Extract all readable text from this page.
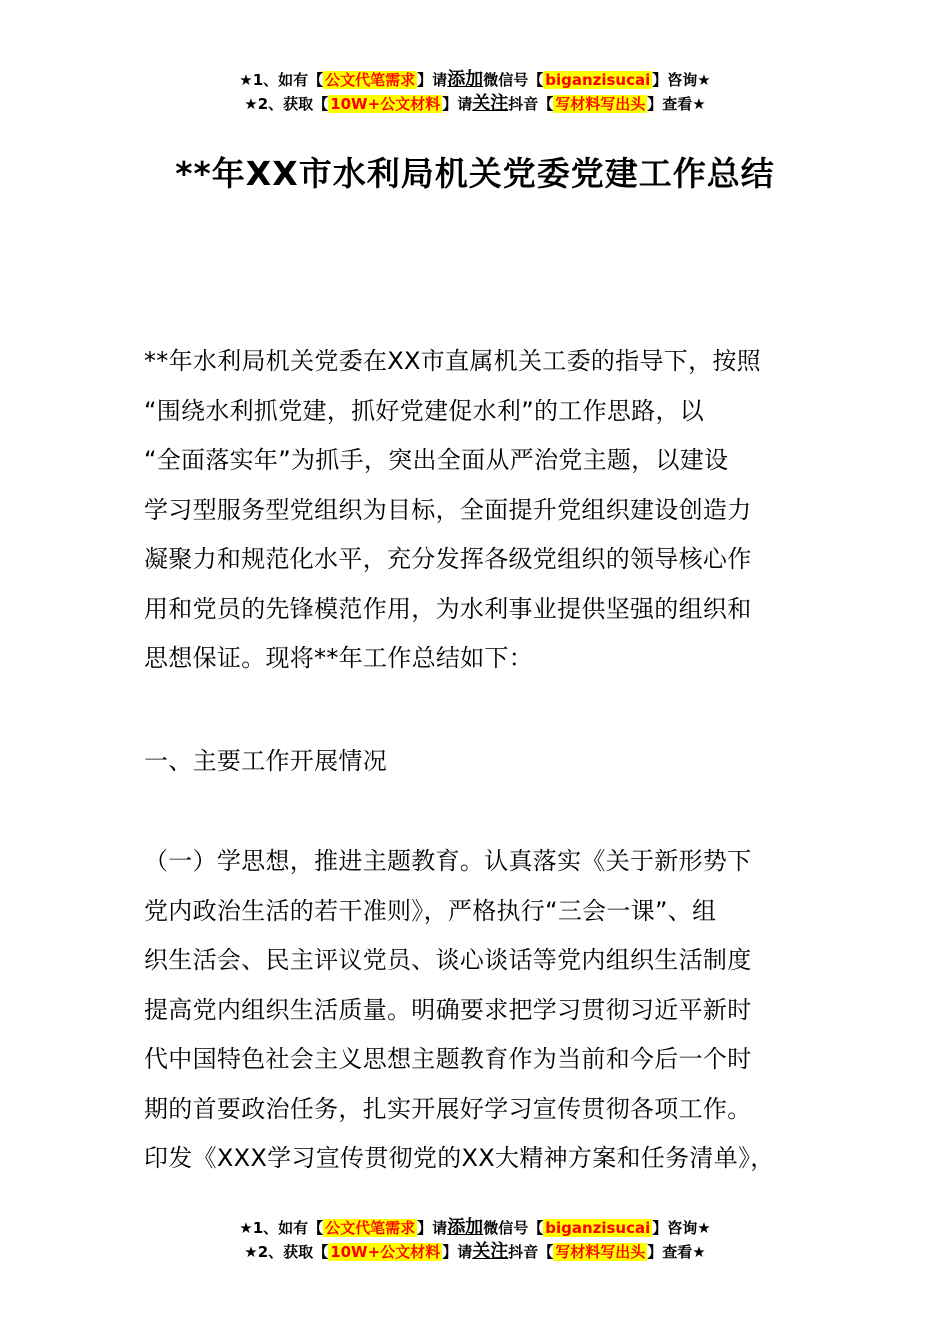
★1、如有【 公文代笔需求 】请添加微信号【 biganzisucai 】咨询★
★2、获取【 10W+公文材料 】请关注抖音【 写材料写出头 】查看★
**年XX市水利局机关党委党建工作总结
**年水利局机关党委在XX市直属机关工委的指导下，按照
“围绕水利抓党建，抓好党建促水利”的工作思路，以
“全面落实年”为抓手，突出全面从严治党主题，以建设
学习型服务型党组织为目标，全面提升党组织建设创造力
凝聚力和规范化水平，充分发挥各级党组织的领导核心作
用和党员的先锋模范作用，为水利事业提供坚强的组织和
思想保证。现将**年工作总结如下：
一、主要工作开展情况
（一）学思想，推进主题教育。认真落实《关于新形势下
党内政治生活的若干准则》，严格执行“三会一课”、组
织生活会、民主评议党员、谈心谈话等党内组织生活制度
提高党内组织生活质量。明确要求把学习贯彻习近平新时
代中国特色社会主义思想主题教育作为当前和今后一个时
期的首要政治任务，扎实开展好学习宣传贯彻各项工作。
印发《XXX学习宣传贯彻党的XX大精神方案和任务清单》，
★1、如有【 公文代笔需求 】请添加微信号【 biganzisucai 】咨询★
★2、获取【 10W+公文材料 】请关注抖音【 写材料写出头 】查看★
